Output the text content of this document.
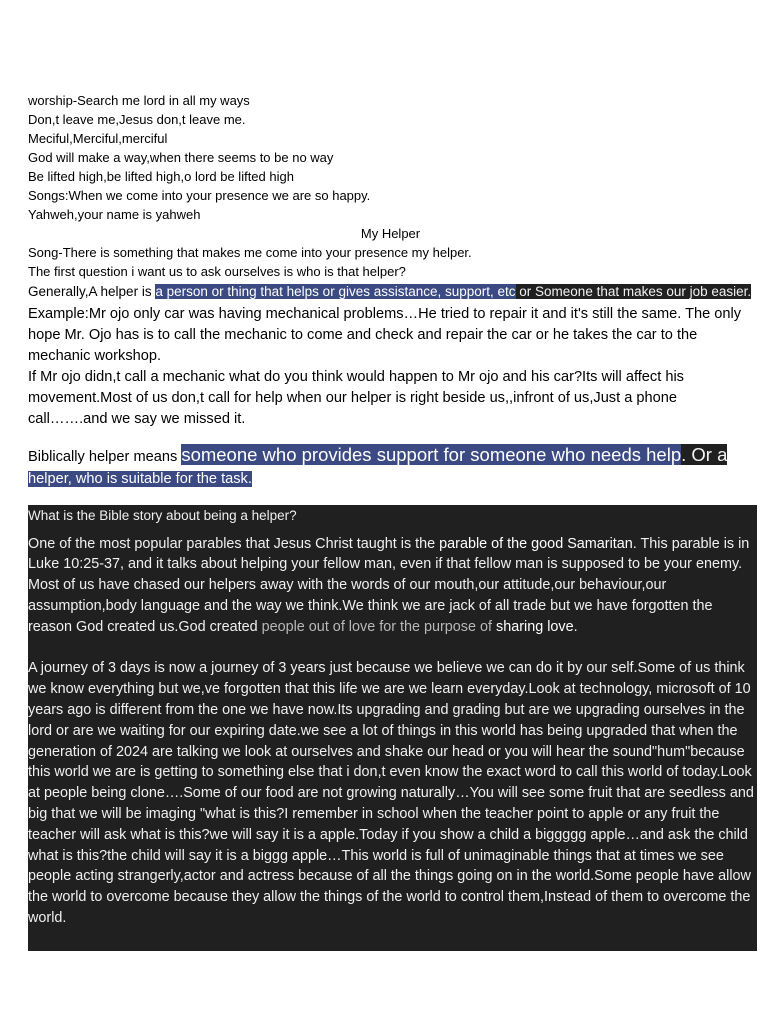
worship-Search me lord in all my ways

Don,t leave me,Jesus don,t leave me.

Meciful,Merciful,merciful

God will make a way,when there seems to be no way

Be lifted high,be lifted high,o lord be lifted high

Songs:When we come into your presence we are so happy.

Yahweh,your name is yahweh

My Helper

Song-There is something that makes me come into your presence my helper.

The first question i want us to ask ourselves is who is that helper?

Generally,A helper is a person or thing that helps or gives assistance, support, etc or Someone that makes our job easier.

Example:Mr ojo only car was having mechanical problems…He tried to repair it and it's still the same. The only hope Mr. Ojo has is to call the mechanic to come and check and repair the car or he takes the car to the mechanic workshop.

If Mr ojo didn,t call a mechanic what do you think would happen to Mr ojo and his car?Its will affect his movement.Most of us don,t call for help when our helper is right beside us,,infront of us,Just a phone call…….and we say we missed it.

Biblically helper means someone who provides support for someone who needs help. Or a
helper, who is suitable for the task.

What is the Bible story about being a helper?

One of the most popular parables that Jesus Christ taught is the parable of the good Samaritan. This parable is in Luke 10:25-37, and it talks about helping your fellow man, even if that fellow man is supposed to be your enemy. Most of us have chased our helpers away with the words of our mouth,our attitude,our behaviour,our assumption,body language and the way we think.We think we are jack of all trade but we have forgotten the reason God created us.God created people out of love for the purpose of sharing love.

A journey of 3 days is now a journey of 3 years just because we believe we can do it by our self.Some of us think we know everything but we,ve forgotten that this life we are we learn everyday.Look at technology, microsoft of 10 years ago is different from the one we have now.Its upgrading and grading but are we upgrading ourselves in the lord or are we waiting for our expiring date.we see a lot of things in this world has being upgraded that when the generation of 2024 are talking we look at ourselves and shake our head or you will hear the sound"hum"because this world we are is getting to something else that i don,t even know the exact word to call this world of today.Look at people being clone….Some of our food are not growing naturally…You will see some fruit that are seedless and big that we will be imaging "what is this?I remember in school when the teacher point to apple or any fruit the teacher will ask what is this?we will say it is a apple.Today if you show a child a biggggg apple…and ask the child what is this?the child will say it is a biggg apple…This world is full of unimaginable things that at times we see people acting strangerly,actor and actress because of all the things going on in the world.Some people have allow the world to overcome because they allow the things of the world to control them,Instead of them to overcome the world.
